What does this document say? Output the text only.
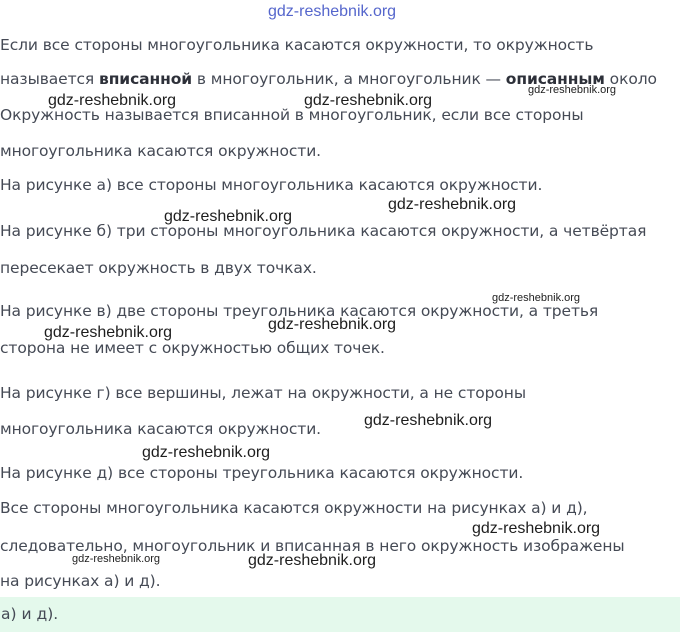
gdz-reshebnik.org
Если все стороны многоугольника касаются окружности, то окружность
называется вписанной в многоугольник, а многоугольник — описанным около
gdz-reshebnik.org
gdz-reshebnik.org	gdz-reshebnik.org
Окружность называется вписанной в многоугольник, если все стороны
многоугольника касаются окружности.
На рисунке а) все стороны многоугольника касаются окружности.
gdz-reshebnik.org
gdz-reshebnik.org
На рисунке б) три стороны многоугольника касаются окружности, а четвёртая
пересекает окружность в двух точках.
gdz-reshebnik.org
На рисунке в) две стороны треугольника касаются окружности, а третья
gdz-reshebnik.org
gdz-reshebnik.org
сторона не имеет с окружностью общих точек.
На рисунке г) все вершины, лежат на окружности, а не стороны
gdz-reshebnik.org
многоугольника касаются окружности.
gdz-reshebnik.org
На рисунке д) все стороны треугольника касаются окружности.
Все стороны многоугольника касаются окружности на рисунках а) и д),
gdz-reshebnik.org
следовательно, многоугольник и вписанная в него окружность изображены
gdz-reshebnik.org	gdz-reshebnik.org
на рисунках а) и д).
а) и д).
